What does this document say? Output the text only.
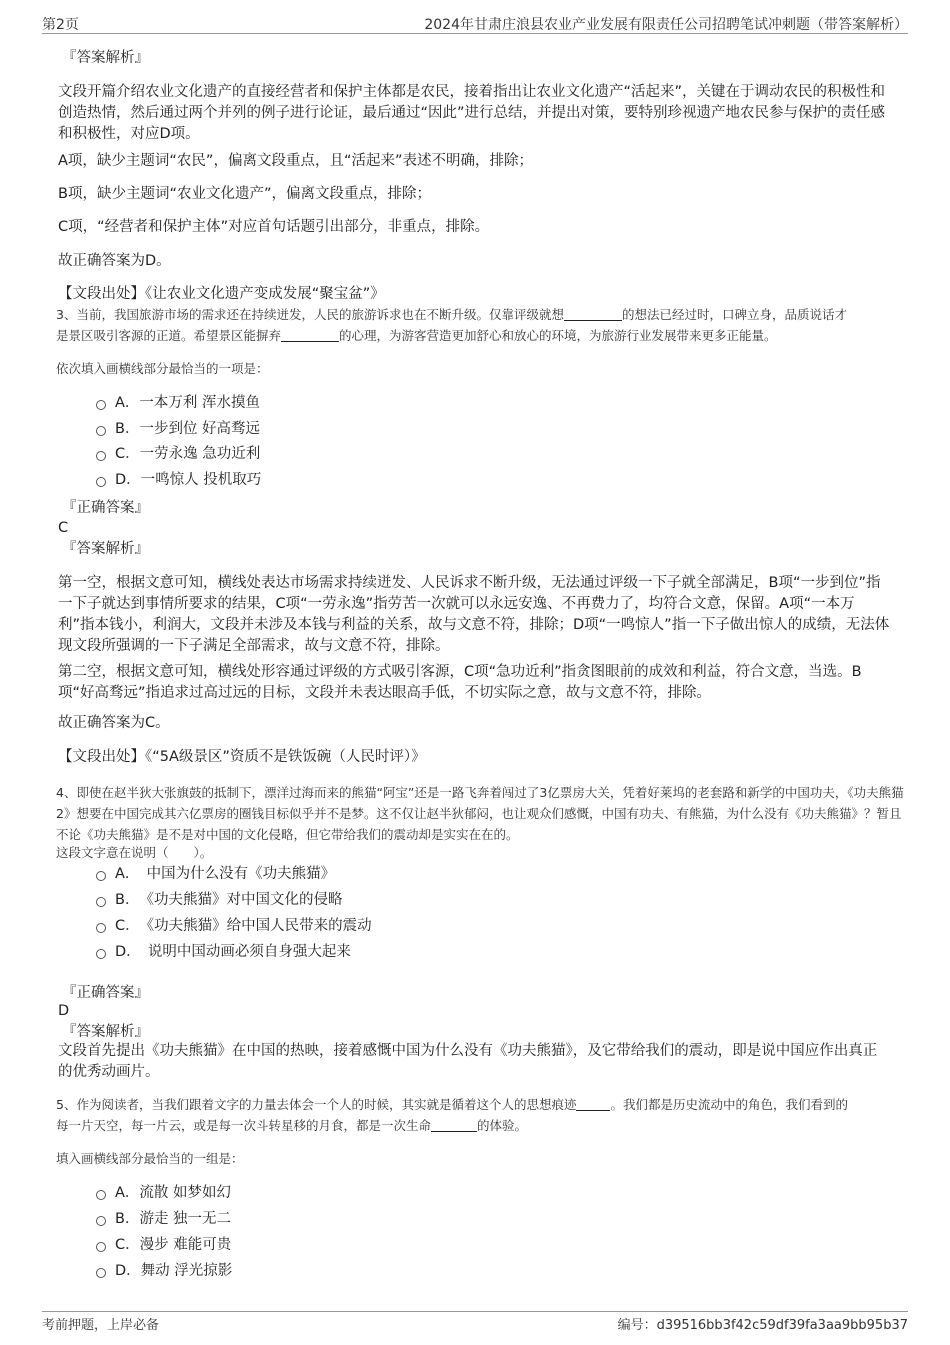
第2页	2024年甘肃庄浪县农业产业发展有限责任公司招聘笔试冲刺题（带答案解析）
『答案解析』
文段开篇介绍农业文化遗产的直接经营者和保护主体都是农民，接着指出让农业文化遗产“活起来”，关键在于调动农民的积极性和创造热情，然后通过两个并列的例子进行论证，最后通过“因此”进行总结，并提出对策，要特别珍视遗产地农民参与保护的责任感和积极性，对应D项。
A项，缺少主题词“农民”，偏离文段重点，且“活起来”表述不明确，排除；
B项，缺少主题词“农业文化遗产”，偏离文段重点，排除；
C项，“经营者和保护主体”对应首句话题引出部分，非重点，排除。
故正确答案为D。
【文段出处】《让农业文化遗产变成发展“聚宝盆”》
3、当前，我国旅游市场的需求还在持续迸发，人民的旅游诉求也在不断升级。仅靠评级就想	的想法已经过时，口碑立身，品质说话才
是景区吸引客源的正道。希望景区能摒弃	的心理，为游客营造更加舒心和放心的环境，为旅游行业发展带来更多正能量。
依次填入画横线部分最恰当的一项是：
A．一本万利 浑水摸鱼
B．一步到位 好高骛远
C．一劳永逸 急功近利
D．一鸣惊人 投机取巧
『正确答案』
C
『答案解析』
第一空，根据文意可知，横线处表达市场需求持续迸发、人民诉求不断升级，无法通过评级一下子就全部满足，B项“一步到位”指一下子就达到事情所要求的结果，C项“一劳永逸”指劳苦一次就可以永远安逸、不再费力了，均符合文意，保留。A项“一本万利”指本钱小，利润大，文段并未涉及本钱与利益的关系，故与文意不符，排除；D项“一鸣惊人”指一下子做出惊人的成绩，无法体现文段所强调的一下子满足全部需求，故与文意不符，排除。
第二空，根据文意可知，横线处形容通过评级的方式吸引客源，C项“急功近利”指贪图眼前的成效和利益，符合文意，当选。B项“好高骛远”指追求过高过远的目标，文段并未表达眼高手低，不切实际之意，故与文意不符，排除。
故正确答案为C。
【文段出处】《“5A级景区”资质不是铁饭碗（人民时评）》
4、即使在赵半狄大张旗鼓的抵制下，漂洋过海而来的熊猫“阿宝”还是一路飞奔着闯过了3亿票房大关，凭着好莱坞的老套路和新学的中国功夫，《功夫熊猫2》想要在中国完成其六亿票房的圈钱目标似乎并不是梦。这不仅让赵半狄郁闷，也让观众们感慨，中国有功夫、有熊猫，为什么没有《功夫熊猫》？暂且不论《功夫熊猫》是不是对中国的文化侵略，但它带给我们的震动却是实实在在的。
这段文字意在说明（　　）。
A．　中国为什么没有《功夫熊猫》
B．　《功夫熊猫》对中国文化的侵略
C．　《功夫熊猫》给中国人民带来的震动
D．　说明中国动画必须自身强大起来
『正确答案』
D
『答案解析』
文段首先提出《功夫熊猫》在中国的热映，接着感慨中国为什么没有《功夫熊猫》，及它带给我们的震动，即是说中国应作出真正的优秀动画片。
5、作为阅读者，当我们跟着文字的力量去体会一个人的时候，其实就是循着这个人的思想痕迹	。我们都是历史流动中的角色，我们看到的
每一片天空，每一片云，或是每一次斗转星移的月食，都是一次生命	的体验。
填入画横线部分最恰当的一组是：
A．流散 如梦如幻
B．游走 独一无二
C．漫步 难能可贵
D．舞动 浮光掠影
考前押题，上岸必备	编号：d39516bb3f42c59df39fa3aa9bb95b37
